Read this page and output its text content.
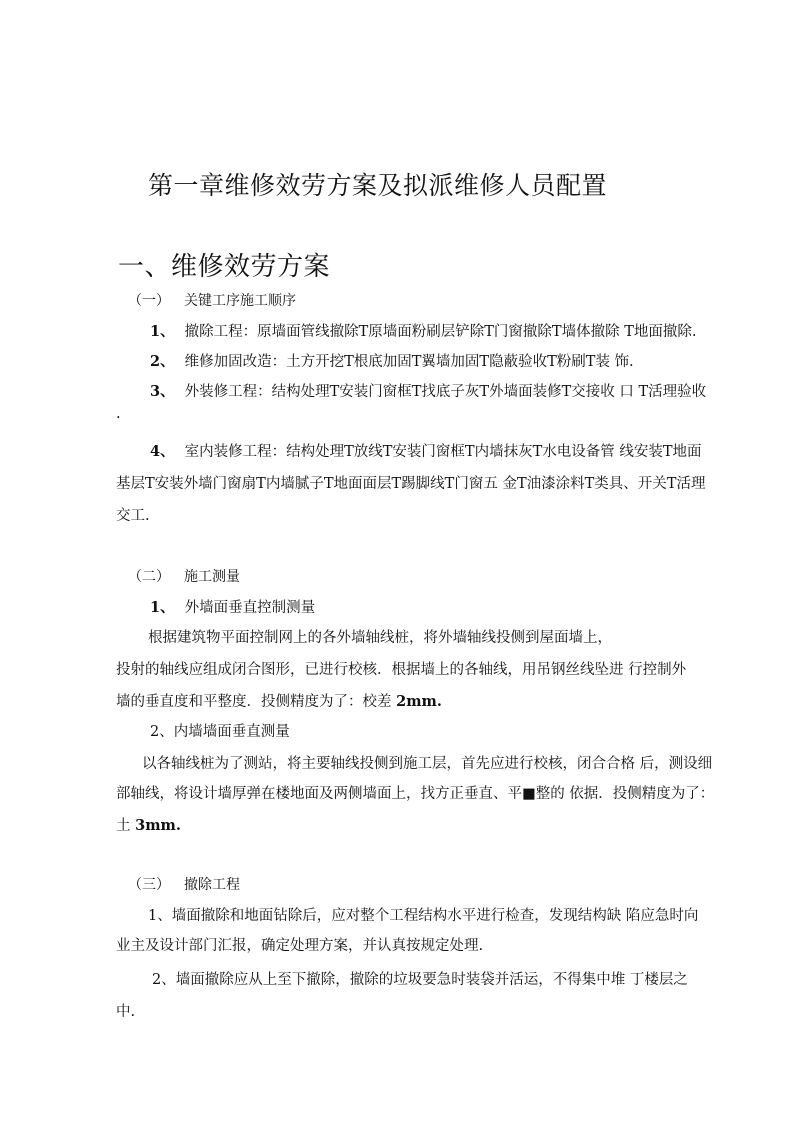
第一章维修效劳方案及拟派维修人员配置
一、维修效劳方案
（一） 关键工序施工顺序
1、 撤除工程：原墙面管线撤除T原墙面粉刷层铲除T门窗撤除T墙体撤除 T地面撤除.
2、 维修加固改造：土方开挖T根底加固T翼墙加固T隐蔽验收T粉刷T装 饰.
3、 外装修工程：结构处理T安装门窗框T找底子灰T外墙面装修T交接收 口 T活理验收
.
4、 室内装修工程：结构处理T放线T安装门窗框T内墙抹灰T水电设备管 线安装T地面
基层T安装外墙门窗扇T内墙腻子T地面面层T踢脚线T门窗五 金T油漆涂料T类具、开关T活理
交工.
（二） 施工测量
1、 外墙面垂直控制测量
根据建筑物平面控制网上的各外墙轴线桩，将外墙轴线投侧到屋面墙上，
投射的轴线应组成闭合图形，已进行校核．根据墙上的各轴线，用吊钢丝线坠进 行控制外
墙的垂直度和平整度．投侧精度为了：校差 2mm.
2、内墙墙面垂直测量
以各轴线桩为了测站，将主要轴线投侧到施工层，首先应进行校核，闭合合格 后，测设细
部轴线，将设计墙厚弹在楼地面及两侧墙面上，找方正垂直、平■整的 依据．投侧精度为了：
土 3mm.
（三） 撤除工程
1、墙面撤除和地面钻除后，应对整个工程结构水平进行检查，发现结构缺 陷应急时向
业主及设计部门汇报，确定处理方案，并认真按规定处理.
2、墙面撤除应从上至下撤除，撤除的垃圾要急时装袋并活运，不得集中堆 丁楼层之
中.
